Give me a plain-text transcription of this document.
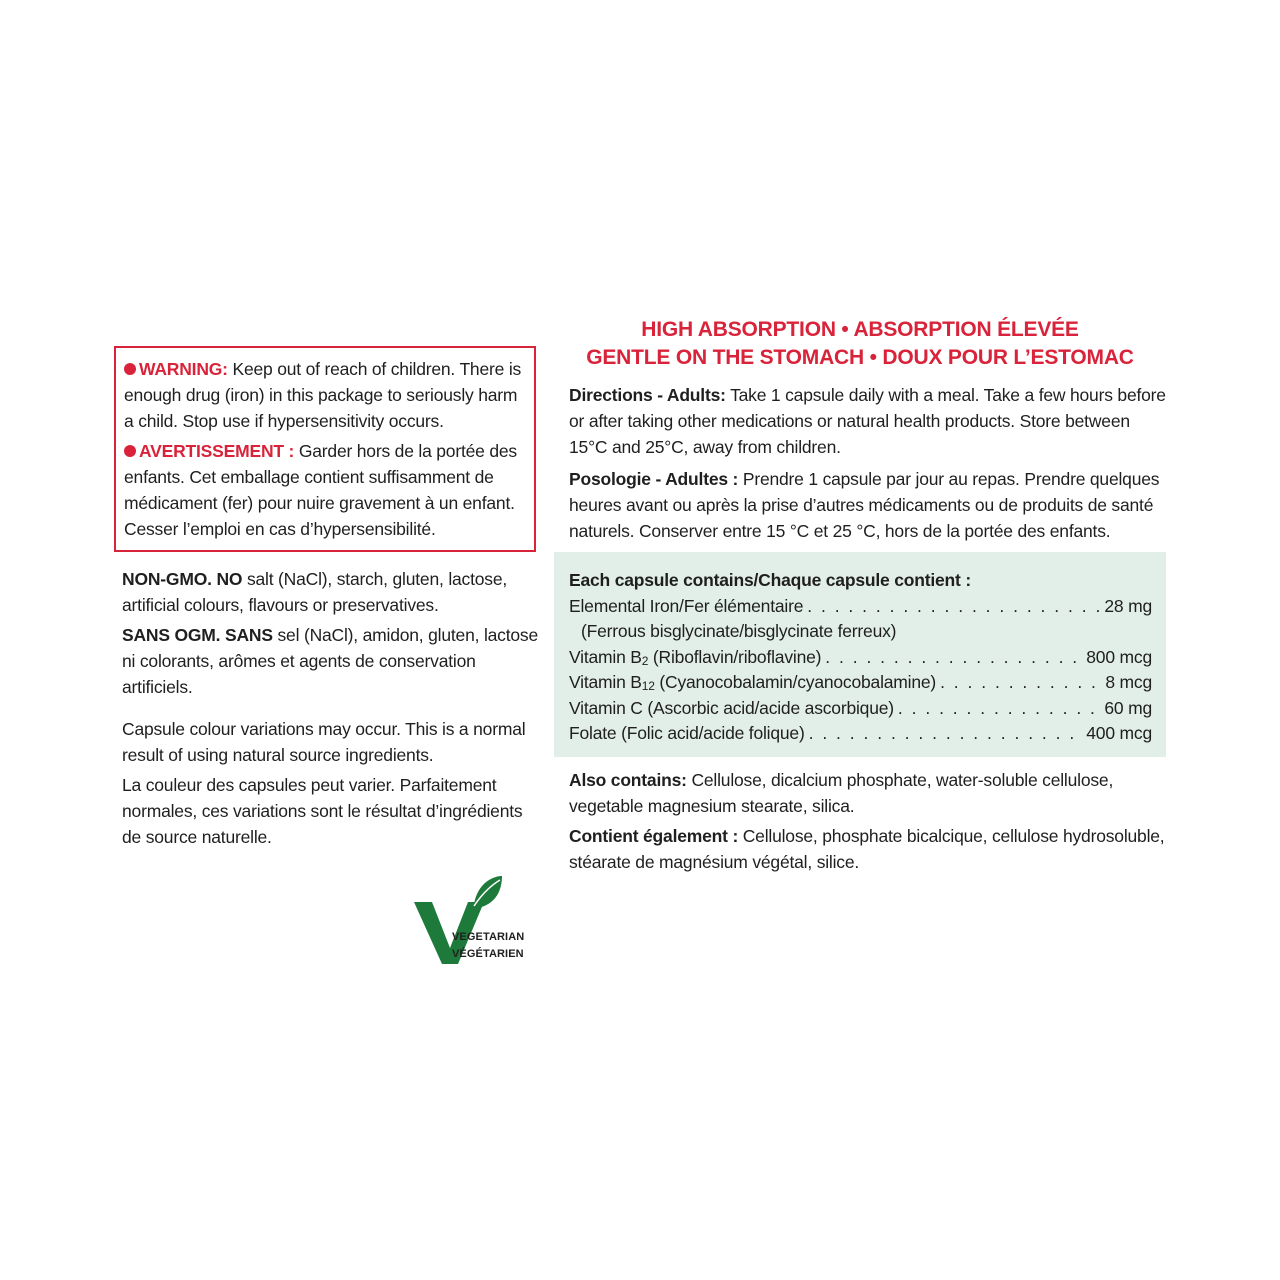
WARNING: Keep out of reach of children. There is enough drug (iron) in this package to seriously harm a child. Stop use if hypersensitivity occurs.

AVERTISSEMENT : Garder hors de la portée des enfants. Cet emballage contient suffisamment de médicament (fer) pour nuire gravement à un enfant. Cesser l’emploi en cas d’hypersensibilité.

NON-GMO. NO salt (NaCl), starch, gluten, lactose, artificial colours, flavours or preservatives.

SANS OGM. SANS sel (NaCl), amidon, gluten, lactose ni colorants, arômes et agents de conservation artificiels.

Capsule colour variations may occur. This is a normal result of using natural source ingredients.

La couleur des capsules peut varier. Parfaitement normales, ces variations sont le résultat d’ingrédients de source naturelle.

VEGETARIAN
VÉGÉTARIEN
HIGH ABSORPTION • ABSORPTION ÉLEVÉE
GENTLE ON THE STOMACH • DOUX POUR L’ESTOMAC

Directions - Adults: Take 1 capsule daily with a meal. Take a few hours before or after taking other medications or natural health products. Store between 15°C and 25°C, away from children.

Posologie - Adultes : Prendre 1 capsule par jour au repas. Prendre quelques heures avant ou après la prise d’autres médicaments ou de produits de santé naturels. Conserver entre 15 °C et 25 °C, hors de la portée des enfants.

Each capsule contains/Chaque capsule contient :

Elemental Iron/Fer élémentaire . . .	28 mg
(Ferrous bisglycinate/bisglycinate ferreux)
Vitamin $B_2$ (Riboflavin/riboflavine) . . .	800 mcg
Vitamin $B_{12}$ (Cyanocobalamin/cyanocobalamine) . . .	8 mcg
Vitamin C (Ascorbic acid/acide ascorbique) . . .	60 mg
Folate (Folic acid/acide folique) . . .	400 mcg

Also contains: Cellulose, dicalcium phosphate, water-soluble cellulose, vegetable magnesium stearate, silica.

Contient également : Cellulose, phosphate bicalcique, cellulose hydrosoluble, stéarate de magnésium végétal, silice.
